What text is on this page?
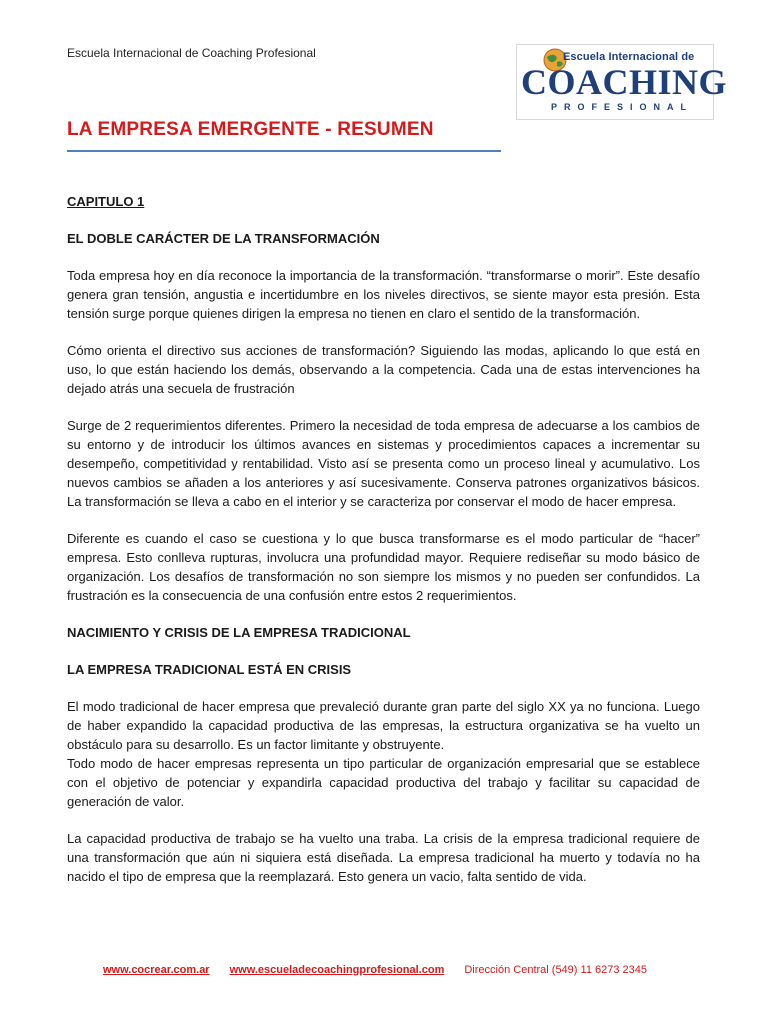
Escuela Internacional de Coaching Profesional	Escuela Internacional de
COACHING
PROFESIONAL
LA EMPRESA EMERGENTE - RESUMEN
CAPITULO 1
EL DOBLE CARÁCTER DE LA TRANSFORMACIÓN

Toda empresa hoy en día reconoce la importancia de la transformación. “transformarse o morir”. Este desafío genera gran tensión, angustia e incertidumbre en los niveles directivos, se siente mayor esta presión. Esta tensión surge porque quienes dirigen la empresa no tienen en claro el sentido de la transformación.

Cómo orienta el directivo sus acciones de transformación? Siguiendo las modas, aplicando lo que está en uso, lo que están haciendo los demás, observando a la competencia. Cada una de estas intervenciones ha dejado atrás una secuela de frustración

Surge de 2 requerimientos diferentes. Primero la necesidad de toda empresa de adecuarse a los cambios de su entorno y de introducir los últimos avances en sistemas y procedimientos capaces a incrementar su desempeño, competitividad y rentabilidad. Visto así se presenta como un proceso lineal y acumulativo. Los nuevos cambios se añaden a los anteriores y así sucesivamente. Conserva patrones organizativos básicos. La transformación se lleva a cabo en el interior y se caracteriza por conservar el modo de hacer empresa.

Diferente es cuando el caso se cuestiona y lo que busca transformarse es el modo particular de “hacer” empresa. Esto conlleva rupturas, involucra una profundidad mayor. Requiere rediseñar su modo básico de organización. Los desafíos de transformación no son siempre los mismos y no pueden ser confundidos. La frustración es la consecuencia de una confusión entre estos 2 requerimientos.

NACIMIENTO Y CRISIS DE LA EMPRESA TRADICIONAL
LA EMPRESA TRADICIONAL ESTÁ EN CRISIS

El modo tradicional de hacer empresa que prevaleció durante gran parte del siglo XX ya no funciona. Luego de haber expandido la capacidad productiva de las empresas, la estructura organizativa se ha vuelto un obstáculo para su desarrollo. Es un factor limitante y obstruyente.

Todo modo de hacer empresas representa un tipo particular de organización empresarial que se establece con el objetivo de potenciar y expandirla capacidad productiva del trabajo y facilitar su capacidad de generación de valor.

La capacidad productiva de trabajo se ha vuelto una traba. La crisis de la empresa tradicional requiere de una transformación que aún ni siquiera está diseñada. La empresa tradicional ha muerto y todavía no ha nacido el tipo de empresa que la reemplazará. Esto genera un vacio, falta sentido de vida.

www.cocrear.com.ar www.escueladecoachingprofesional.com Dirección Central (549) 11 6273 2345
